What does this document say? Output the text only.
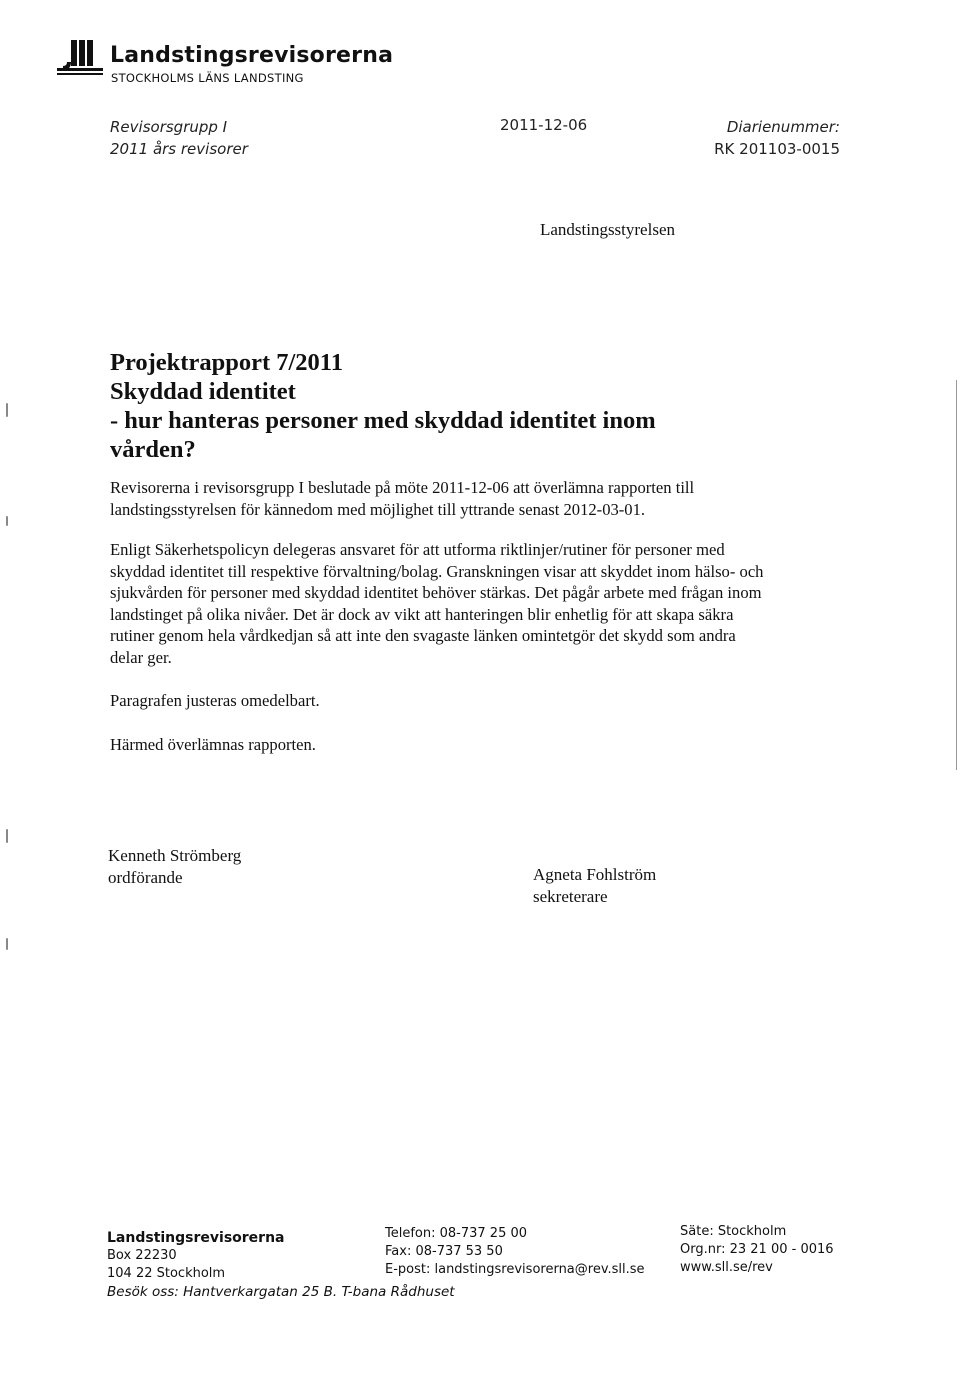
Landstingsrevisorerna
STOCKHOLMS LÄNS LANDSTING
Revisorsgrupp I
2011 års revisorer
2011-12-06	Diarienummer:
RK 201103-0015
Landstingsstyrelsen
Projektrapport 7/2011
Skyddad identitet
- hur hanteras personer med skyddad identitet inom
vården?

Revisorerna i revisorsgrupp I beslutade på möte 2011-12-06 att överlämna rapporten till landstingsstyrelsen för kännedom med möjlighet till yttrande senast 2012-03-01.

Enligt Säkerhetspolicyn delegeras ansvaret för att utforma riktlinjer/rutiner för personer med skyddad identitet till respektive förvaltning/bolag. Granskningen visar att skyddet inom hälso- och sjukvården för personer med skyddad identitet behöver stärkas. Det pågår arbete med frågan inom landstinget på olika nivåer. Det är dock av vikt att hanteringen blir enhetlig för att skapa säkra rutiner genom hela vårdkedjan så att inte den svagaste länken omintetgör det skydd som andra delar ger.

Paragrafen justeras omedelbart.

Härmed överlämnas rapporten.

Kenneth Strömberg
ordförande	Agneta Fohlström
sekreterare
Landstingsrevisorerna
Box 22230
104 22 Stockholm
Telefon: 08-737 25 00
Fax: 08-737 53 50
E-post: landstingsrevisorerna@rev.sll.se
Säte: Stockholm
Org.nr: 23 21 00 - 0016
www.sll.se/rev
Besök oss: Hantverkargatan 25 B. T-bana Rådhuset
